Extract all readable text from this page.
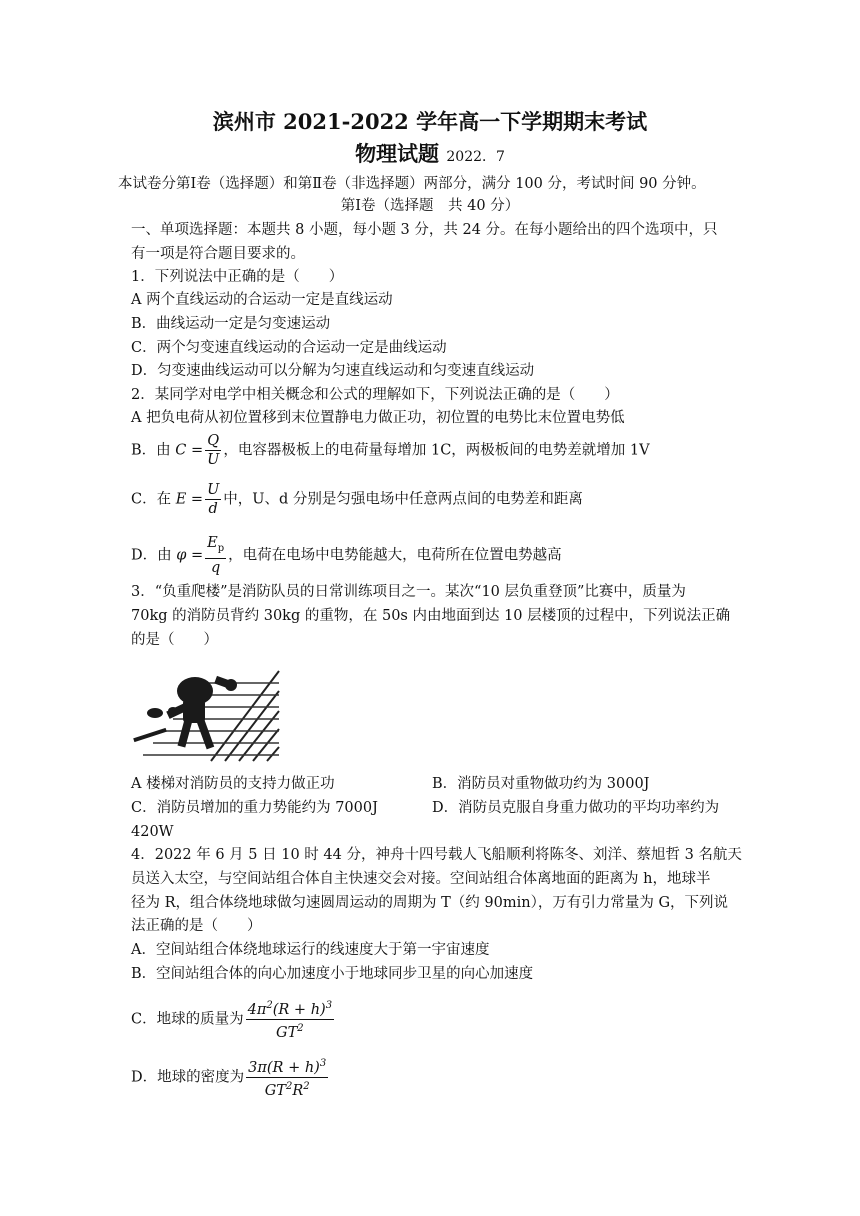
滨州市 2021-2022 学年高一下学期期末考试
物理试题 2022．7
本试卷分第Ⅰ卷（选择题）和第Ⅱ卷（非选择题）两部分，满分 100 分，考试时间 90 分钟。
第Ⅰ卷（选择题　共 40 分）
一、单项选择题：本题共 8 小题，每小题 3 分，共 24 分。在每小题给出的四个选项中，只
有一项是符合题目要求的。
1．下列说法中正确的是（　　）
A 两个直线运动的合运动一定是直线运动
B．曲线运动一定是匀变速运动
C．两个匀变速直线运动的合运动一定是曲线运动
D．匀变速曲线运动可以分解为匀速直线运动和匀变速直线运动
2．某同学对电学中相关概念和公式的理解如下，下列说法正确的是（　　）
A 把负电荷从初位置移到末位置静电力做正功，初位置的电势比末位置电势低
B．由 $C = \frac{Q}{U}$ ，电容器极板上的电荷量每增加 1C，两极板间的电势差就增加 1V
C．在 $E = \frac{U}{d}$ 中，U、d 分别是匀强电场中任意两点间的电势差和距离
D．由 $\varphi = \frac{E_p}{q}$ ，电荷在电场中电势能越大，电荷所在位置电势越高
3．“负重爬楼”是消防队员的日常训练项目之一。某次“10 层负重登顶”比赛中，质量为
70kg 的消防员背约 30kg 的重物，在 50s 内由地面到达 10 层楼顶的过程中，下列说法正确
的是（　　）
A 楼梯对消防员的支持力做正功	B．消防员对重物做功约为 3000J
C．消防员增加的重力势能约为 7000J	D．消防员克服自身重力做功的平均功率约为
420W
4．2022 年 6 月 5 日 10 时 44 分，神舟十四号载人飞船顺利将陈冬、刘洋、蔡旭哲 3 名航天
员送入太空，与空间站组合体自主快速交会对接。空间站组合体离地面的距离为 h，地球半
径为 R，组合体绕地球做匀速圆周运动的周期为 T（约 90min），万有引力常量为 G，下列说
法正确的是（　　）
A．空间站组合体绕地球运行的线速度大于第一宇宙速度
B．空间站组合体的向心加速度小于地球同步卫星的向心加速度
C．地球的质量为 $\frac{4\pi^2(R + h)^3}{GT^2}$
D．地球的密度为 $\frac{3\pi(R + h)^3}{GT^2R^2}$
